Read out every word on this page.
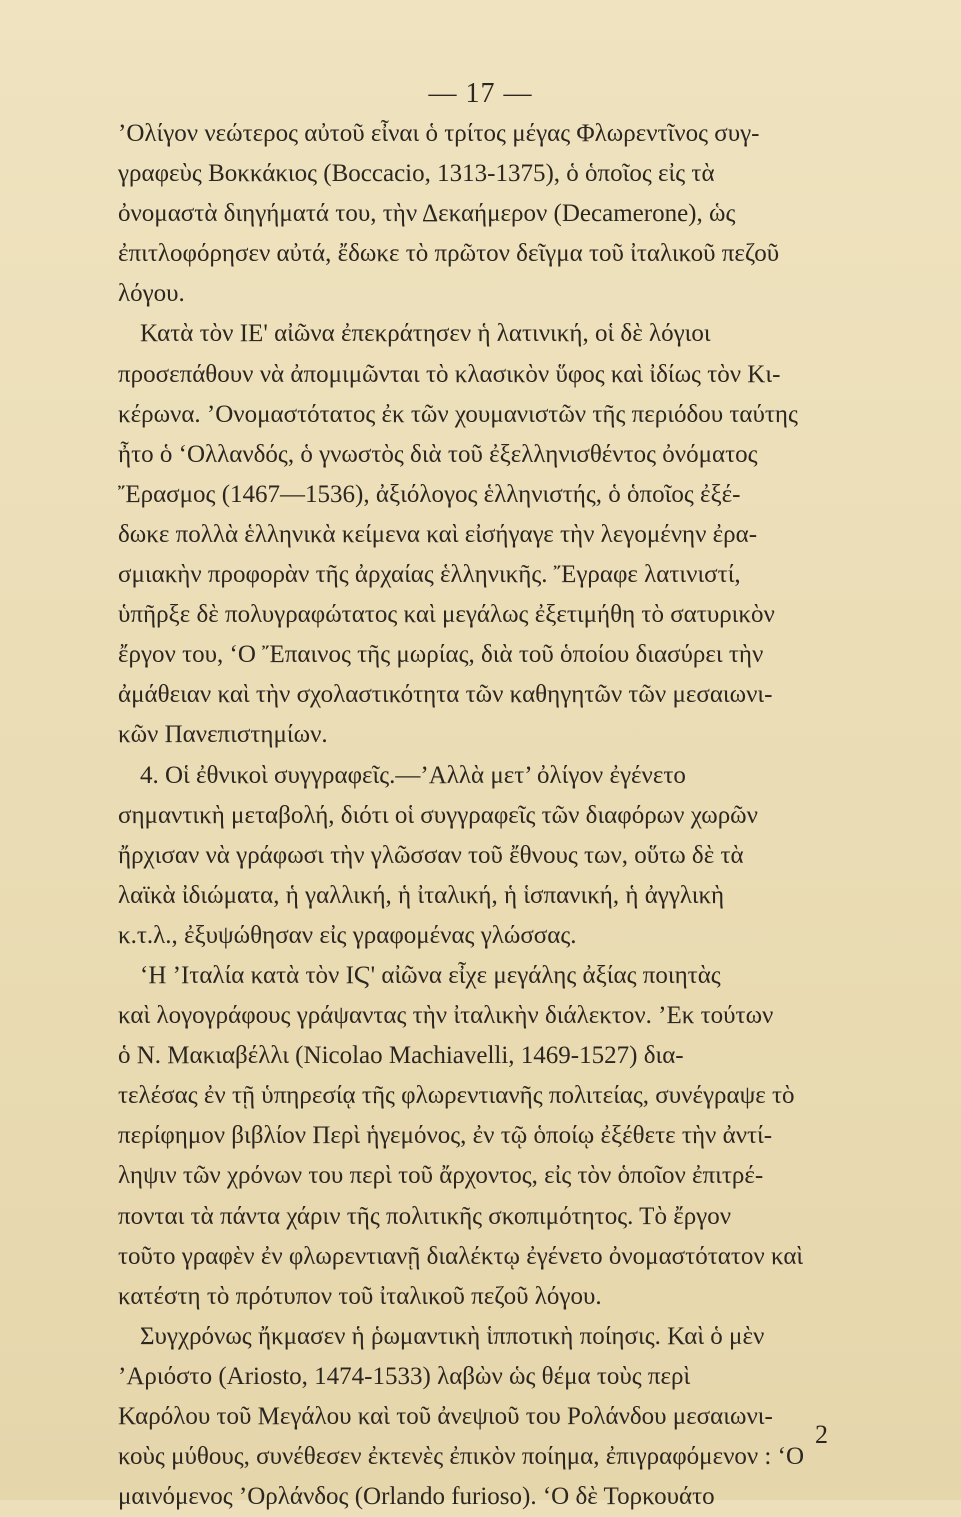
— 17 —
’Ολίγον νεώτερος αὐτοῦ εἶναι ὁ τρίτος μέγας Φλωρεντῖνος συγ-
γραφεὺς Βοκκάκιος (Boccacio, 1313-1375), ὁ ὁποῖος εἰς τὰ
ὀνομαστὰ διηγήματά του, τὴν Δεκαήμερον (Decamerone), ὡς
ἐπιτλοφόρησεν αὐτά, ἔδωκε τὸ πρῶτον δεῖγμα τοῦ ἰταλικοῦ πεζοῦ
λόγου.
Κατὰ τὸν ΙΕ' αἰῶνα ἐπεκράτησεν ἡ λατινική, οἱ δὲ λόγιοι
προσεπάθουν νὰ ἀπομιμῶνται τὸ κλασικὸν ὕφος καὶ ἰδίως τὸν Κι-
κέρωνα. ’Ονομαστότατος ἐκ τῶν χουμανιστῶν τῆς περιόδου ταύτης
ἦτο ὁ ‘Ολλανδός, ὁ γνωστὸς διὰ τοῦ ἐξελληνισθέντος ὀνόματος
Ἔρασμος (1467—1536), ἀξιόλογος ἑλληνιστής, ὁ ὁποῖος ἐξέ-
δωκε πολλὰ ἑλληνικὰ κείμενα καὶ εἰσήγαγε τὴν λεγομένην ἐρα-
σμιακὴν προφορὰν τῆς ἀρχαίας ἑλληνικῆς. Ἔγραφε λατινιστί,
ὑπῆρξε δὲ πολυγραφώτατος καὶ μεγάλως ἐξετιμήθη τὸ σατυρικὸν
ἔργον του, ‘Ο Ἔπαινος τῆς μωρίας, διὰ τοῦ ὁποίου διασύρει τὴν
ἀμάθειαν καὶ τὴν σχολαστικότητα τῶν καθηγητῶν τῶν μεσαιωνι-
κῶν Πανεπιστημίων.
4. Οἱ ἐθνικοὶ συγγραφεῖς.—’Αλλὰ μετ’ ὀλίγον ἐγένετο
σημαντικὴ μεταβολή, διότι οἱ συγγραφεῖς τῶν διαφόρων χωρῶν
ἤρχισαν νὰ γράφωσι τὴν γλῶσσαν τοῦ ἔθνους των, οὕτω δὲ τὰ
λαϊκὰ ἰδιώματα, ἡ γαλλική, ἡ ἰταλική, ἡ ἱσπανική, ἡ ἀγγλικὴ
κ.τ.λ., ἐξυψώθησαν εἰς γραφομένας γλώσσας.
‘Η ’Ιταλία κατὰ τὸν ΙϚ' αἰῶνα εἶχε μεγάλης ἀξίας ποιητὰς
καὶ λογογράφους γράψαντας τὴν ἰταλικὴν διάλεκτον. ’Εκ τούτων
ὁ Ν. Μακιαβέλλι (Nicolao Machiavelli, 1469-1527) δια-
τελέσας ἐν τῇ ὑπηρεσίᾳ τῆς φλωρεντιανῆς πολιτείας, συνέγραψε τὸ
περίφημον βιβλίον Περὶ ἡγεμόνος, ἐν τῷ ὁποίῳ ἐξέθετε τὴν ἀντί-
ληψιν τῶν χρόνων του περὶ τοῦ ἄρχοντος, εἰς τὸν ὁποῖον ἐπιτρέ-
πονται τὰ πάντα χάριν τῆς πολιτικῆς σκοπιμότητος. Τὸ ἔργον
τοῦτο γραφὲν ἐν φλωρεντιανῇ διαλέκτῳ ἐγένετο ὀνομαστότατον καὶ
κατέστη τὸ πρότυπον τοῦ ἰταλικοῦ πεζοῦ λόγου.
Συγχρόνως ἤκμασεν ἡ ῥωμαντικὴ ἱπποτικὴ ποίησις. Καὶ ὁ μὲν
’Αριόστο (Ariosto, 1474-1533) λαβὼν ὡς θέμα τοὺς περὶ
Καρόλου τοῦ Μεγάλου καὶ τοῦ ἀνεψιοῦ του Ρολάνδου μεσαιωνι-
κοὺς μύθους, συνέθεσεν ἐκτενὲς ἐπικὸν ποίημα, ἐπιγραφόμενον : ‘Ο
μαινόμενος ’Ορλάνδος (Orlando furioso). ‘Ο δὲ Τορκουάτο
2
